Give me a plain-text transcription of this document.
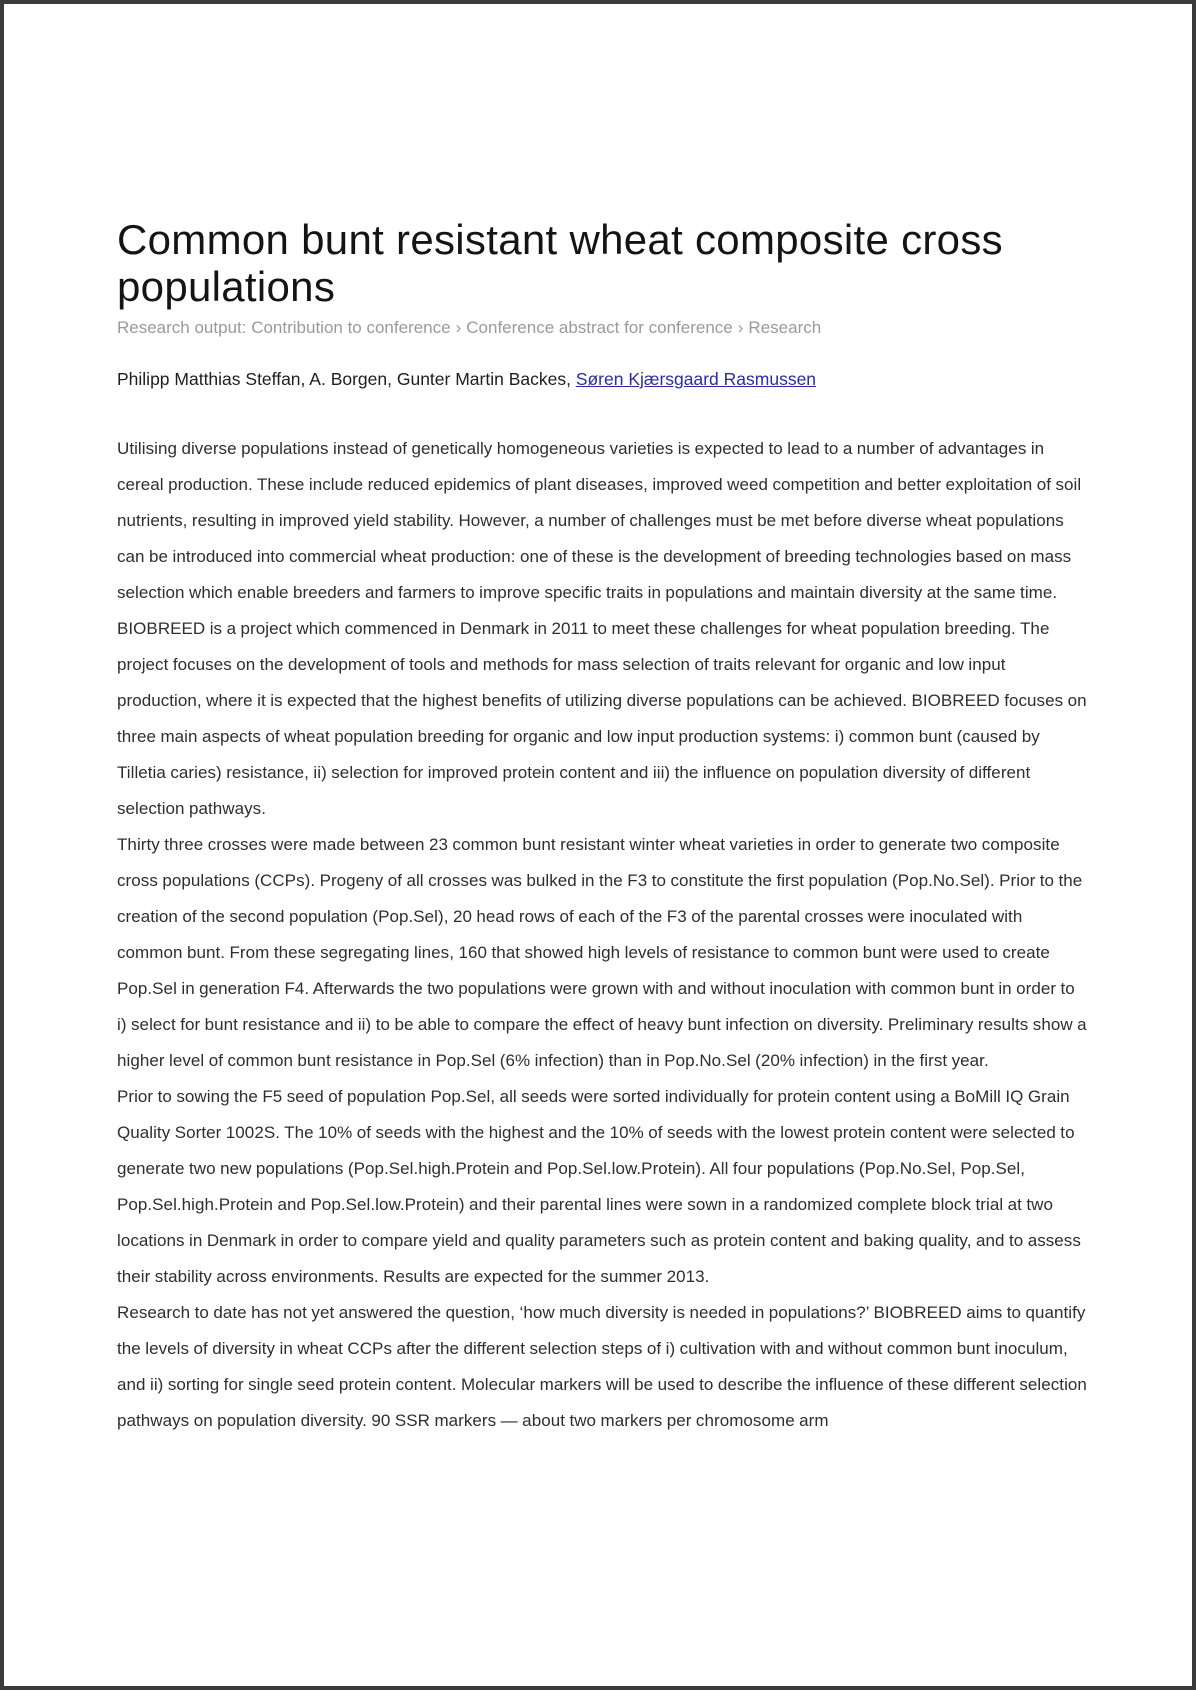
Common bunt resistant wheat composite cross populations
Research output: Contribution to conference › Conference abstract for conference › Research
Philipp Matthias Steffan, A. Borgen, Gunter Martin Backes, Søren Kjærsgaard Rasmussen

Utilising diverse populations instead of genetically homogeneous varieties is expected to lead to a number of advantages in cereal production. These include reduced epidemics of plant diseases, improved weed competition and better exploitation of soil nutrients, resulting in improved yield stability. However, a number of challenges must be met before diverse wheat populations can be introduced into commercial wheat production: one of these is the development of breeding technologies based on mass selection which enable breeders and farmers to improve specific traits in populations and maintain diversity at the same time. BIOBREED is a project which commenced in Denmark in 2011 to meet these challenges for wheat population breeding. The project focuses on the development of tools and methods for mass selection of traits relevant for organic and low input production, where it is expected that the highest benefits of utilizing diverse populations can be achieved. BIOBREED focuses on three main aspects of wheat population breeding for organic and low input production systems: i) common bunt (caused by Tilletia caries) resistance, ii) selection for improved protein content and iii) the influence on population diversity of different selection pathways.

Thirty three crosses were made between 23 common bunt resistant winter wheat varieties in order to generate two composite cross populations (CCPs). Progeny of all crosses was bulked in the F3 to constitute the first population (Pop.No.Sel). Prior to the creation of the second population (Pop.Sel), 20 head rows of each of the F3 of the parental crosses were inoculated with common bunt. From these segregating lines, 160 that showed high levels of resistance to common bunt were used to create Pop.Sel in generation F4. Afterwards the two populations were grown with and without inoculation with common bunt in order to i) select for bunt resistance and ii) to be able to compare the effect of heavy bunt infection on diversity. Preliminary results show a higher level of common bunt resistance in Pop.Sel (6% infection) than in Pop.No.Sel (20% infection) in the first year.

Prior to sowing the F5 seed of population Pop.Sel, all seeds were sorted individually for protein content using a BoMill IQ Grain Quality Sorter 1002S. The 10% of seeds with the highest and the 10% of seeds with the lowest protein content were selected to generate two new populations (Pop.Sel.high.Protein and Pop.Sel.low.Protein). All four populations (Pop.No.Sel, Pop.Sel, Pop.Sel.high.Protein and Pop.Sel.low.Protein) and their parental lines were sown in a randomized complete block trial at two locations in Denmark in order to compare yield and quality parameters such as protein content and baking quality, and to assess their stability across environments. Results are expected for the summer 2013.

Research to date has not yet answered the question, ‘how much diversity is needed in populations?’ BIOBREED aims to quantify the levels of diversity in wheat CCPs after the different selection steps of i) cultivation with and without common bunt inoculum, and ii) sorting for single seed protein content. Molecular markers will be used to describe the influence of these different selection pathways on population diversity. 90 SSR markers — about two markers per chromosome arm
